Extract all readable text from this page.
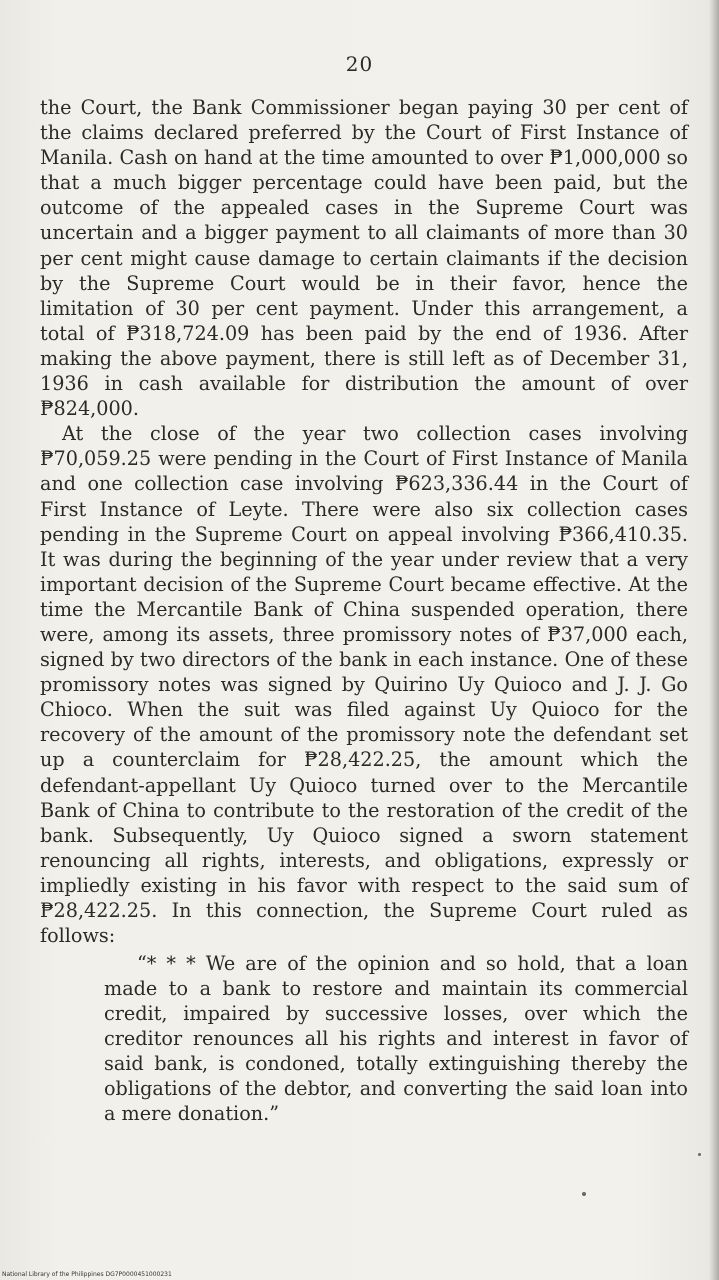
20

the Court, the Bank Commissioner began paying 30 per cent of the claims declared preferred by the Court of First Instance of Manila. Cash on hand at the time amounted to over ₱1,000,000 so that a much bigger percentage could have been paid, but the outcome of the appealed cases in the Supreme Court was uncertain and a bigger payment to all claimants of more than 30 per cent might cause damage to certain claimants if the decision by the Supreme Court would be in their favor, hence the limitation of 30 per cent payment. Under this arrangement, a total of ₱318,724.09 has been paid by the end of 1936. After making the above payment, there is still left as of December 31, 1936 in cash available for distribution the amount of over ₱824,000.

At the close of the year two collection cases involving ₱70,059.25 were pending in the Court of First Instance of Manila and one collection case involving ₱623,336.44 in the Court of First Instance of Leyte. There were also six collection cases pending in the Supreme Court on appeal involving ₱366,410.35. It was during the beginning of the year under review that a very important decision of the Supreme Court became effective. At the time the Mercantile Bank of China suspended operation, there were, among its assets, three promissory notes of ₱37,000 each, signed by two directors of the bank in each instance. One of these promissory notes was signed by Quirino Uy Quioco and J. J. Go Chioco. When the suit was filed against Uy Quioco for the recovery of the amount of the promissory note the defendant set up a counterclaim for ₱28,422.25, the amount which the defendant-appellant Uy Quioco turned over to the Mercantile Bank of China to contribute to the restoration of the credit of the bank. Subsequently, Uy Quioco signed a sworn statement renouncing all rights, interests, and obligations, expressly or impliedly existing in his favor with respect to the said sum of ₱28,422.25. In this connection, the Supreme Court ruled as follows:

“* * * We are of the opinion and so hold, that a loan made to a bank to restore and maintain its commercial credit, impaired by successive losses, over which the creditor renounces all his rights and interest in favor of said bank, is condoned, totally extinguishing thereby the obligations of the debtor, and converting the said loan into a mere donation.”

National Library of the Philippines DG7P0000451000231
